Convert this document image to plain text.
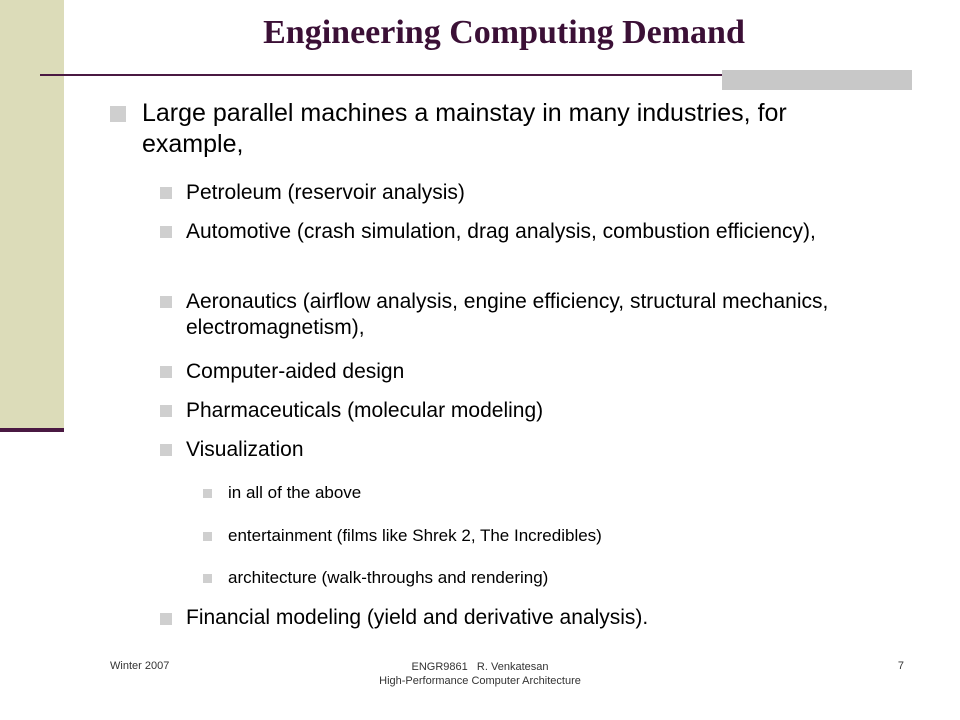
Engineering Computing Demand
Large parallel machines a mainstay in many industries, for example,
Petroleum (reservoir analysis)
Automotive (crash simulation, drag analysis, combustion efficiency),
Aeronautics (airflow analysis, engine efficiency, structural mechanics, electromagnetism),
Computer-aided design
Pharmaceuticals (molecular modeling)
Visualization
in all of the above
entertainment (films like Shrek 2, The Incredibles)
architecture (walk-throughs and rendering)
Financial modeling (yield and derivative analysis).
Winter 2007	ENGR9861   R. Venkatesan
High-Performance Computer Architecture
7
